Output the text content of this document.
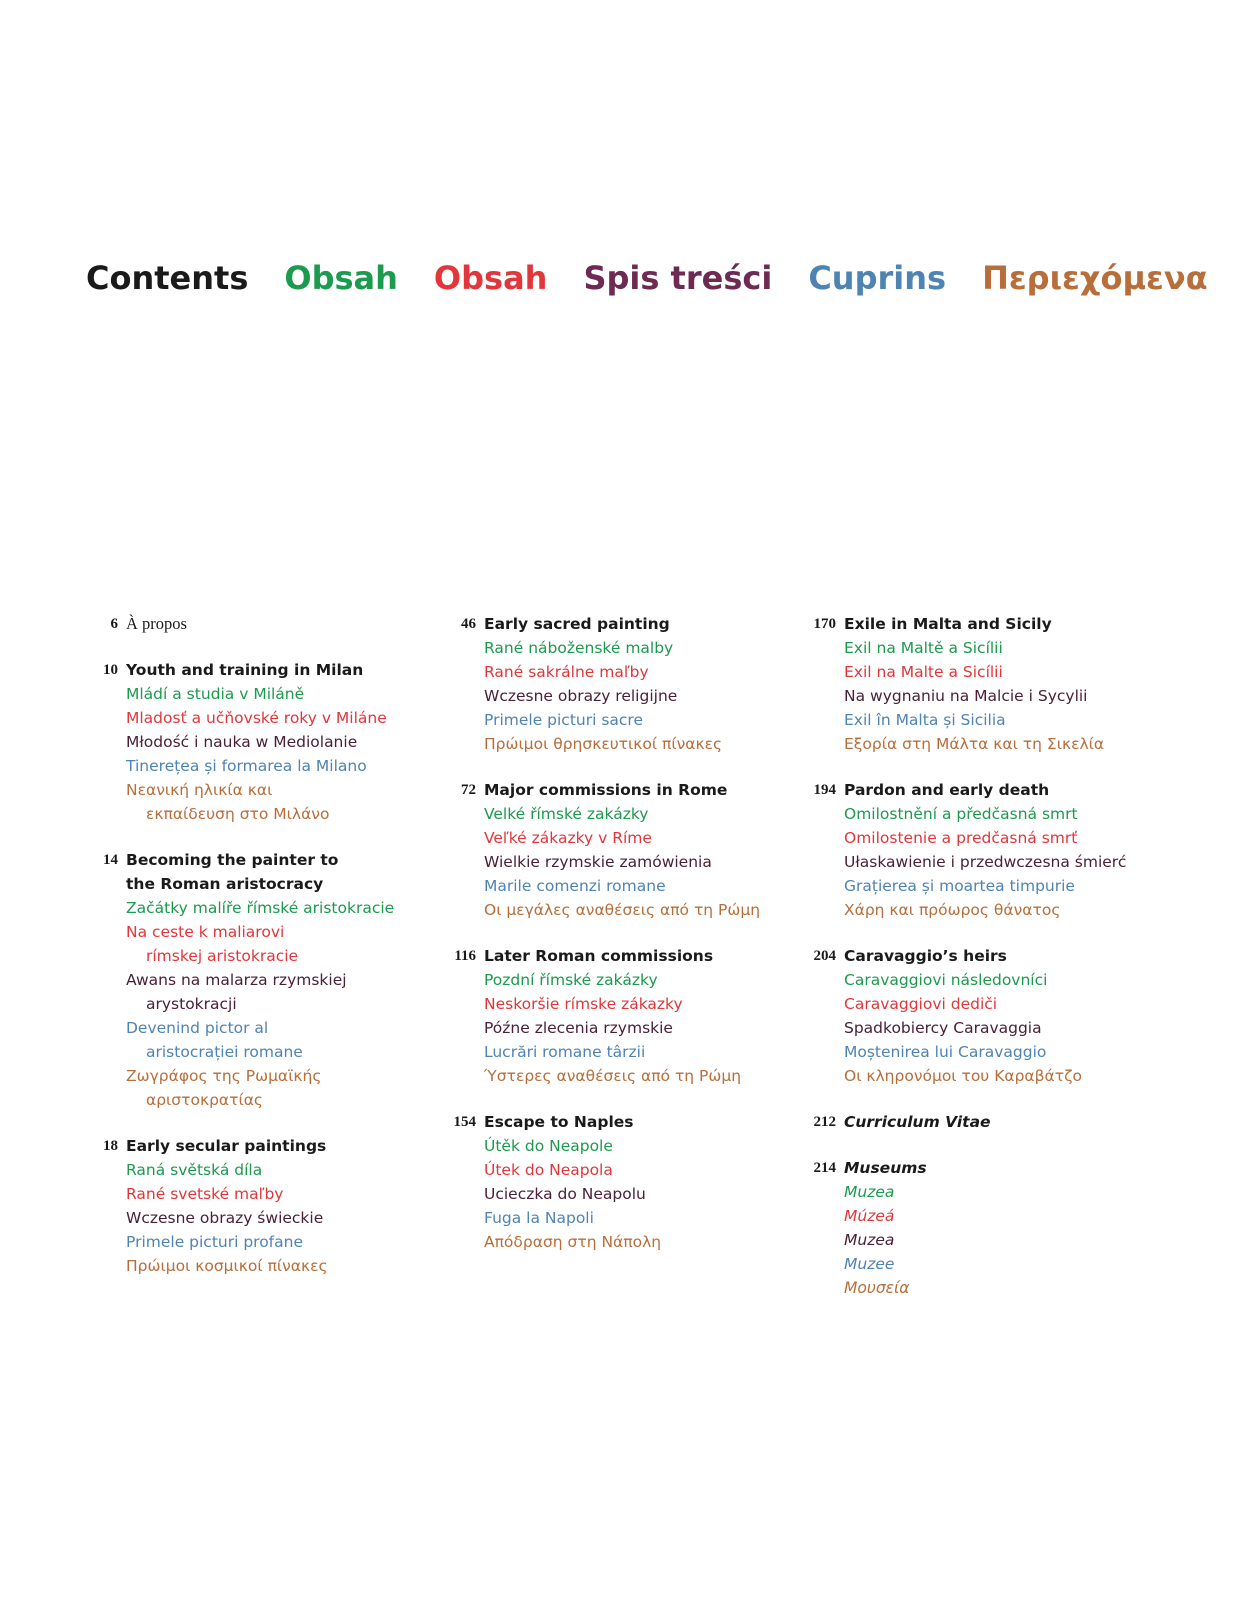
Contents Obsah Obsah Spis treści Cuprins Περιεχόμενα
6 À propos
10 Youth and training in Milan
Mládí a studia v Miláně
Mladosť a učňovské roky v Miláne
Młodość i nauka w Mediolanie
Tinerețea și formarea la Milano
Νεανική ηλικία και
εκπαίδευση στο Μιλάνο
14 Becoming the painter to
the Roman aristocracy
Začátky malíře římské aristokracie
Na ceste k maliarovi
rímskej aristokracie
Awans na malarza rzymskiej
arystokracji
Devenind pictor al
aristocrației romane
Ζωγράφος της Ρωμαϊκής
αριστοκρατίας
18 Early secular paintings
Raná světská díla
Rané svetské maľby
Wczesne obrazy świeckie
Primele picturi profane
Πρώιμοι κοσμικοί πίνακες
46 Early sacred painting
Rané náboženské malby
Rané sakrálne maľby
Wczesne obrazy religijne
Primele picturi sacre
Πρώιμοι θρησκευτικοί πίνακες
72 Major commissions in Rome
Velké římské zakázky
Veľké zákazky v Ríme
Wielkie rzymskie zamówienia
Marile comenzi romane
Οι μεγάλες αναθέσεις από τη Ρώμη
116 Later Roman commissions
Pozdní římské zakázky
Neskoršie rímske zákazky
Późne zlecenia rzymskie
Lucrări romane târzii
Ύστερες αναθέσεις από τη Ρώμη
154 Escape to Naples
Útěk do Neapole
Útek do Neapola
Ucieczka do Neapolu
Fuga la Napoli
Απόδραση στη Νάπολη
170 Exile in Malta and Sicily
Exil na Maltě a Sicílii
Exil na Malte a Sicílii
Na wygnaniu na Malcie i Sycylii
Exil în Malta și Sicilia
Εξορία στη Μάλτα και τη Σικελία
194 Pardon and early death
Omilostnění a předčasná smrt
Omilostenie a predčasná smrť
Ułaskawienie i przedwczesna śmierć
Grațierea și moartea timpurie
Χάρη και πρόωρος θάνατος
204 Caravaggio’s heirs
Caravaggiovi následovníci
Caravaggiovi dediči
Spadkobiercy Caravaggia
Moștenirea lui Caravaggio
Οι κληρονόμοι του Καραβάτζο
212 Curriculum Vitae
214 Museums
Muzea
Múzeá
Muzea
Muzee
Μουσεία
